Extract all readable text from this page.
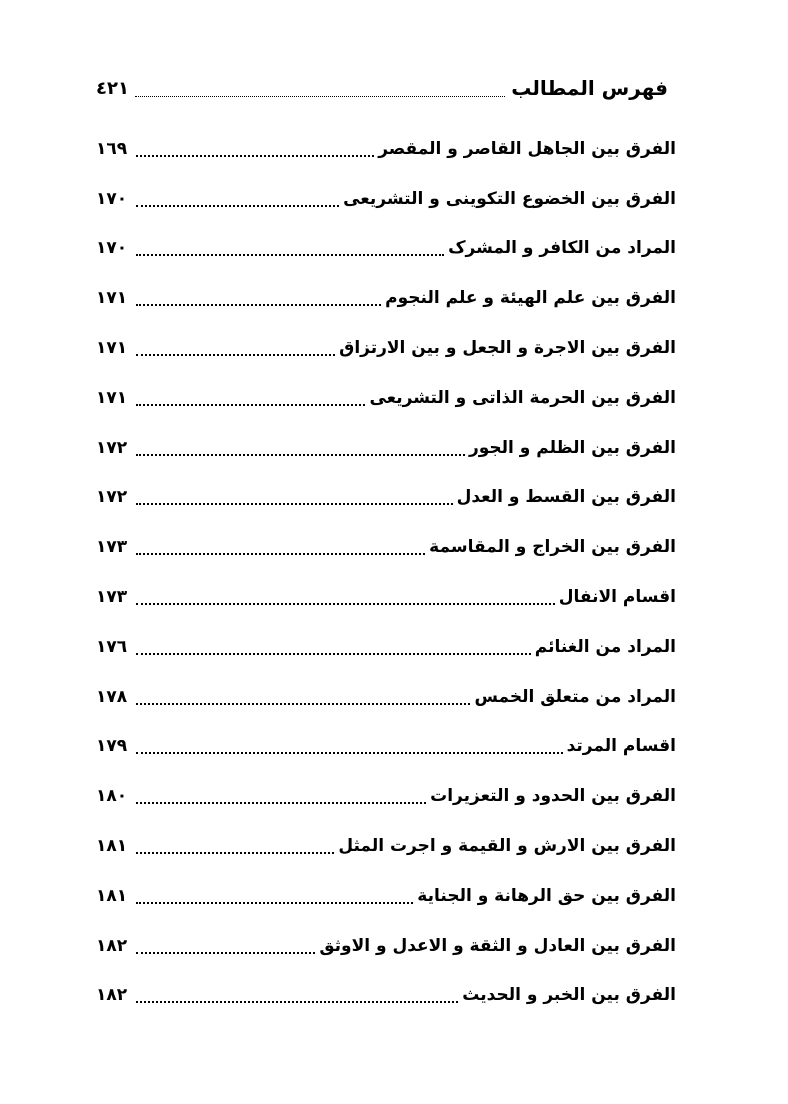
فهرس المطالب
٤٢١
الفرق بين الجاهل القاصر و المقصر
١٦٩
الفرق بين الخضوع التكوينى و التشريعى
١٧٠
المراد من الكافر و المشرک
١٧٠
الفرق بين علم الهيئة و علم النجوم
١٧١
الفرق بين الاجرة و الجعل و بين الارتزاق
١٧١
الفرق بين الحرمة الذاتى و التشريعى
١٧١
الفرق بين الظلم و الجور
١٧٢
الفرق بين القسط و العدل
١٧٢
الفرق بين الخراج و المقاسمة
١٧٣
اقسام الانفال
١٧٣
المراد من الغنائم
١٧٦
المراد من متعلق الخمس
١٧٨
اقسام المرتد
١٧٩
الفرق بين الحدود و التعزيرات
١٨٠
الفرق بين الارش و القيمة و اجرت المثل
١٨١
الفرق بين حق الرهانة و الجناية
١٨١
الفرق بين العادل و الثقة و الاعدل و الاوثق
١٨٢
الفرق بين الخبر و الحديث
١٨٢
